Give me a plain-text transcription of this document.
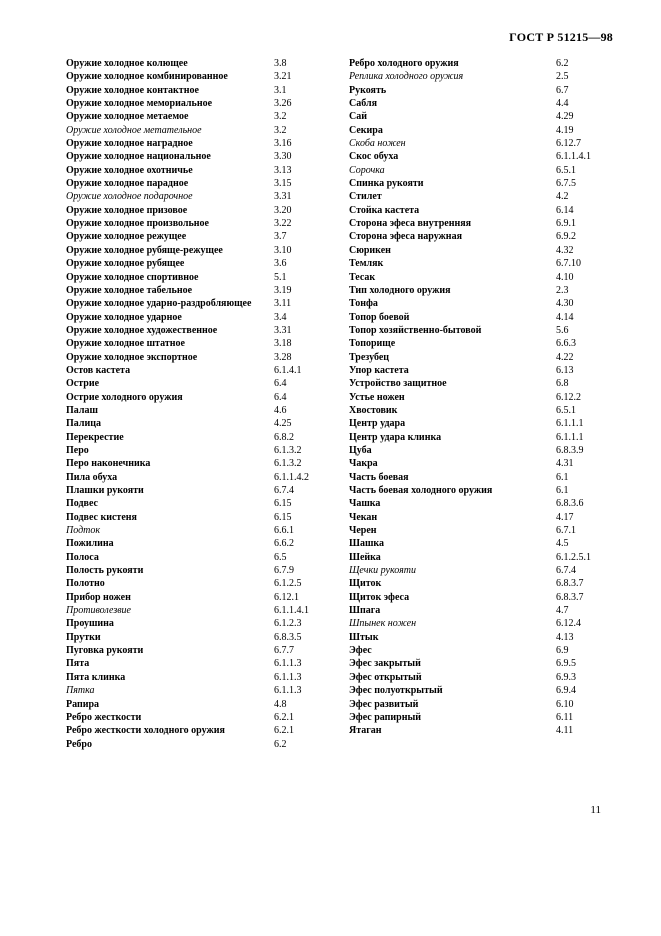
ГОСТ Р 51215—98
Оружие холодное колющее	3.8
Оружие холодное комбинированное	3.21
Оружие холодное контактное	3.1
Оружие холодное мемориальное	3.26
Оружие холодное метаемое	3.2
Оружие холодное метательное	3.2
Оружие холодное наградное	3.16
Оружие холодное национальное	3.30
Оружие холодное охотничье	3.13
Оружие холодное парадное	3.15
Оружие холодное подарочное	3.31
Оружие холодное призовое	3.20
Оружие холодное произвольное	3.22
Оружие холодное режущее	3.7
Оружие холодное рубяще-режущее	3.10
Оружие холодное рубящее	3.6
Оружие холодное спортивное	5.1
Оружие холодное табельное	3.19
Оружие холодное ударно-раздробляющее 3.11
Оружие холодное ударное	3.4
Оружие холодное художественное	3.31
Оружие холодное штатное	3.18
Оружие холодное экспортное	3.28
Остов кастета	6.1.4.1
Острие	6.4
Острие холодного оружия	6.4
Палаш	4.6
Палица	4.25
Перекрестие	6.8.2
Перо	6.1.3.2
Перо наконечника	6.1.3.2
Пила обуха	6.1.1.4.2
Плашки рукояти	6.7.4
Подвес	6.15
Подвес кистеня	6.15
Подток	6.6.1
Пожилина	6.6.2
Полоса	6.5
Полость рукояти	6.7.9
Полотно	6.1.2.5
Прибор ножен	6.12.1
Противолезвие	6.1.1.4.1
Проушина	6.1.2.3
Прутки	6.8.3.5
Пуговка рукояти	6.7.7
Пята	6.1.1.3
Пята клинка	6.1.1.3
Пятка	6.1.1.3
Рапира	4.8
Ребро жесткости	6.2.1
Ребро жесткости холодного оружия	6.2.1
Ребро	6.2
Ребро холодного оружия	6.2
Реплика холодного оружия	2.5
Рукоять	6.7
Сабля	4.4
Сай	4.29
Секира	4.19
Скоба ножен	6.12.7
Скос обуха	6.1.1.4.1
Сорочка	6.5.1
Спинка рукояти	6.7.5
Стилет	4.2
Стойка кастета	6.14
Сторона эфеса внутренняя	6.9.1
Сторона эфеса наружная	6.9.2
Сюрикен	4.32
Темляк	6.7.10
Тесак	4.10
Тип холодного оружия	2.3
Тонфа	4.30
Топор боевой	4.14
Топор хозяйственно-бытовой	5.6
Топорище	6.6.3
Трезубец	4.22
Упор кастета	6.13
Устройство защитное	6.8
Устье ножен	6.12.2
Хвостовик	6.5.1
Центр удара	6.1.1.1
Центр удара клинка	6.1.1.1
Цуба	6.8.3.9
Чакра	4.31
Часть боевая	6.1
Часть боевая холодного оружия	6.1
Чашка	6.8.3.6
Чекан	4.17
Черен	6.7.1
Шашка	4.5
Шейка	6.1.2.5.1
Щечки рукояти	6.7.4
Щиток	6.8.3.7
Щиток эфеса	6.8.3.7
Шпага	4.7
Шпынек ножен	6.12.4
Штык	4.13
Эфес	6.9
Эфес закрытый	6.9.5
Эфес открытый	6.9.3
Эфес полуоткрытый	6.9.4
Эфес развитый	6.10
Эфес рапирный	6.11
Ятаган	4.11
11
